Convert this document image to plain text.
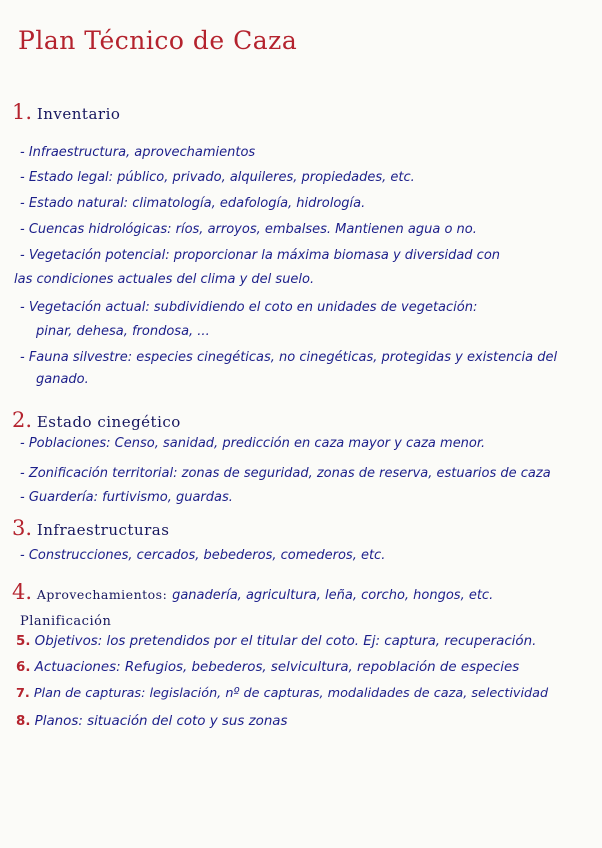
Plan Técnico de Caza
1. Inventario
- Infraestructura, aprovechamientos
- Estado legal: público, privado, alquileres, propiedades, etc.
- Estado natural: climatología, edafología, hidrología.
- Cuencas hidrológicas: ríos, arroyos, embalses. Mantienen agua o no.
- Vegetación potencial: proporcionar la máxima biomasa y diversidad con
las condiciones actuales del clima y del suelo.
- Vegetación actual: subdividiendo el coto en unidades de vegetación:
pinar, dehesa, frondosa, ...
- Fauna silvestre: especies cinegéticas, no cinegéticas, protegidas y existencia del
ganado.
2. Estado cinegético
- Poblaciones: Censo, sanidad, predicción en caza mayor y caza menor.
- Zonificación territorial: zonas de seguridad, zonas de reserva, estuarios de caza
- Guardería: furtivismo, guardas.
3. Infraestructuras
- Construcciones, cercados, bebederos, comederos, etc.
4. Aprovechamientos: ganadería, agricultura, leña, corcho, hongos, etc.
Planificación
5. Objetivos: los pretendidos por el titular del coto. Ej: captura, recuperación.
6. Actuaciones: Refugios, bebederos, selvicultura, repoblación de especies
7. Plan de capturas: legislación, nº de capturas, modalidades de caza, selectividad
8. Planos: situación del coto y sus zonas
